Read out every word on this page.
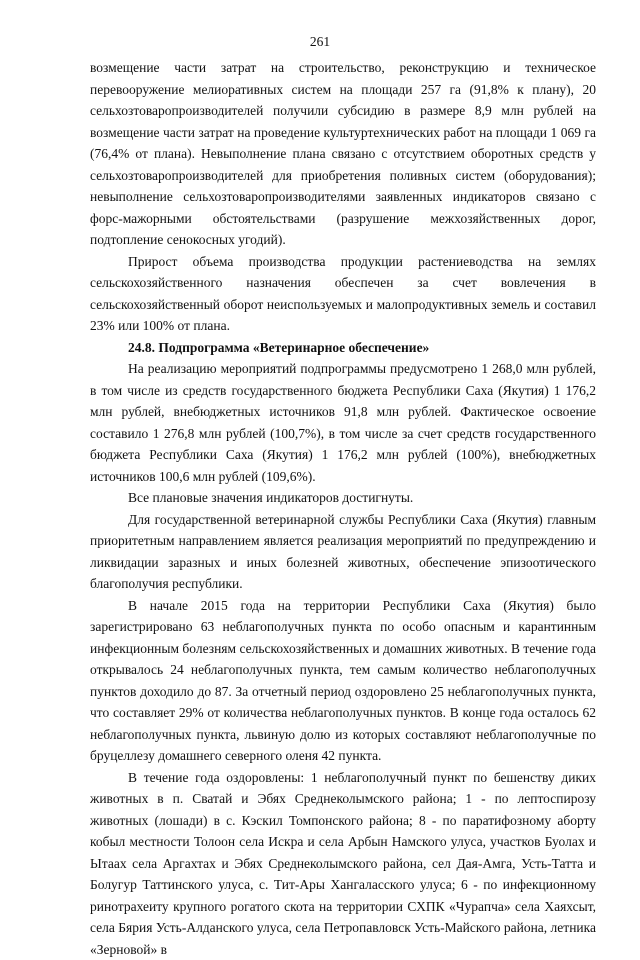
261

возмещение части затрат на строительство, реконструкцию и техническое перевооружение мелиоративных систем на площади 257 га (91,8% к плану), 20 сельхозтоваропроизводителей получили субсидию в размере 8,9 млн рублей на возмещение части затрат на проведение культуртехнических работ на площади 1 069 га (76,4% от плана). Невыполнение плана связано с отсутствием оборотных средств у сельхозтоваропроизводителей для приобретения поливных систем (оборудования); невыполнение сельхозтоваропроизводителями заявленных индикаторов связано с форс-мажорными обстоятельствами (разрушение межхозяйственных дорог, подтопление сенокосных угодий).

Прирост объема производства продукции растениеводства на землях сельскохозяйственного назначения обеспечен за счет вовлечения в сельскохозяйственный оборот неиспользуемых и малопродуктивных земель и составил 23% или 100% от плана.

24.8. Подпрограмма «Ветеринарное обеспечение»

На реализацию мероприятий подпрограммы предусмотрено 1 268,0 млн рублей, в том числе из средств государственного бюджета Республики Саха (Якутия) 1 176,2 млн рублей, внебюджетных источников 91,8 млн рублей. Фактическое освоение составило 1 276,8 млн рублей (100,7%), в том числе за счет средств государственного бюджета Республики Саха (Якутия) 1 176,2 млн рублей (100%), внебюджетных источников 100,6 млн рублей (109,6%).

Все плановые значения индикаторов достигнуты.

Для государственной ветеринарной службы Республики Саха (Якутия) главным приоритетным направлением является реализация мероприятий по предупреждению и ликвидации заразных и иных болезней животных, обеспечение эпизоотического благополучия республики.

В начале 2015 года на территории Республики Саха (Якутия) было зарегистрировано 63 неблагополучных пункта по особо опасным и карантинным инфекционным болезням сельскохозяйственных и домашних животных. В течение года открывалось 24 неблагополучных пункта, тем самым количество неблагополучных пунктов доходило до 87. За отчетный период оздоровлено 25 неблагополучных пункта, что составляет 29% от количества неблагополучных пунктов. В конце года осталось 62 неблагополучных пункта, львиную долю из которых составляют неблагополучные по бруцеллезу домашнего северного оленя 42 пункта.

В течение года оздоровлены: 1 неблагополучный пункт по бешенству диких животных в п. Сватай и Эбях Среднеколымского района; 1 - по лептоспирозу животных (лошади) в с. Кэскил Томпонского района; 8 - по паратифозному аборту кобыл местности Толоон села Искра и села Арбын Намского улуса, участков Буолах и Ытаах села Аргахтах и Эбях Среднеколымского района, сел Дая-Амга, Усть-Татта и Болугур Таттинского улуса, с. Тит-Ары Хангаласского улуса; 6 - по инфекционному ринотрахеиту крупного рогатого скота на территории СХПК «Чурапча» села Хаяхсыт, села Бярия Усть-Алданского улуса, села Петропавловск Усть-Майского района, летника «Зерновой» в
